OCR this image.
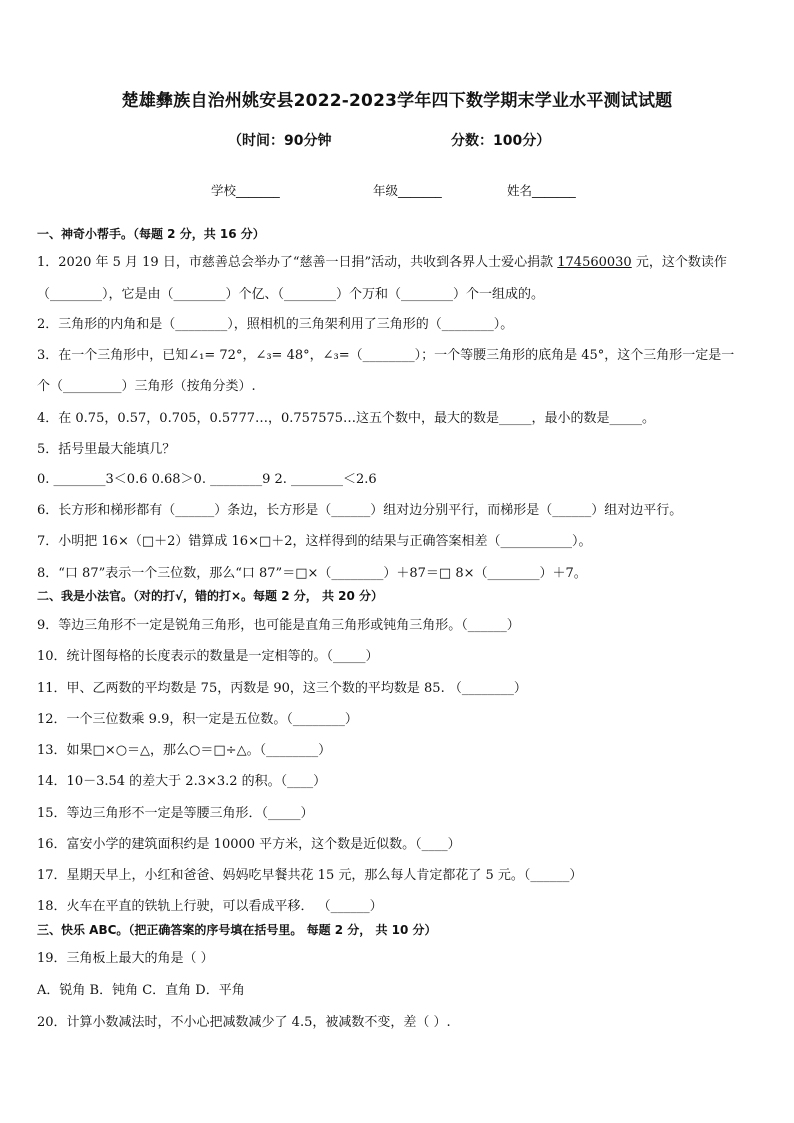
楚雄彝族自治州姚安县2022-2023学年四下数学期末学业水平测试试题
（时间：90分钟	分数：100分）
学校_______	年级_______	姓名_______
一、神奇小帮手。（每题 2 分，共 16 分）
1．2020 年 5 月 19 日，市慈善总会举办了“慈善一日捐”活动，共收到各界人士爱心捐款 174560030 元，这个数读作
（________），它是由（________）个亿、（________）个万和（________）个一组成的。
2．三角形的内角和是（________），照相机的三角架利用了三角形的（________）。
3．在一个三角形中，已知∠₁= 72°，∠₃= 48°，∠₃=（________）；一个等腰三角形的底角是 45°，这个三角形一定是一
个（_________）三角形（按角分类）.
4．在 0.75，0.57，0.705，0.5777…，0.757575…这五个数中，最大的数是_____，最小的数是_____。
5．括号里最大能填几？
0. ________3＜0.6 0.68＞0. ________9 2. ________＜2.6
6．长方形和梯形都有（______）条边，长方形是（______）组对边分别平行，而梯形是（______）组对边平行。
7．小明把 16×（□＋2）错算成 16×□＋2，这样得到的结果与正确答案相差（___________）。
8．“口 87”表示一个三位数，那么“口 87”＝□×（________）＋87＝□ 8×（________）＋7。
二、我是小法官。（对的打√，错的打×。每题 2 分， 共 20 分）
9．等边三角形不一定是锐角三角形，也可能是直角三角形或钝角三角形。（______）
10．统计图每格的长度表示的数量是一定相等的。（_____）
11．甲、乙两数的平均数是 75，丙数是 90，这三个数的平均数是 85. （________）
12．一个三位数乘 9.9，积一定是五位数。（________）
13．如果□×○＝△，那么○＝□÷△。（________）
14．10－3.54 的差大于 2.3×3.2 的积。（____）
15．等边三角形不一定是等腰三角形．（_____）
16．富安小学的建筑面积约是 10000 平方米，这个数是近似数。（____）
17．星期天早上，小红和爸爸、妈妈吃早餐共花 15 元，那么每人肯定都花了 5 元。（______）
18．火车在平直的铁轨上行驶，可以看成平移． （______）
三、快乐 ABC。（把正确答案的序号填在括号里。 每题 2 分， 共 10 分）
19．三角板上最大的角是（ ）
A．锐角 B．钝角 C．直角 D．平角
20．计算小数减法时，不小心把减数减少了 4.5，被减数不变，差（ ）.
